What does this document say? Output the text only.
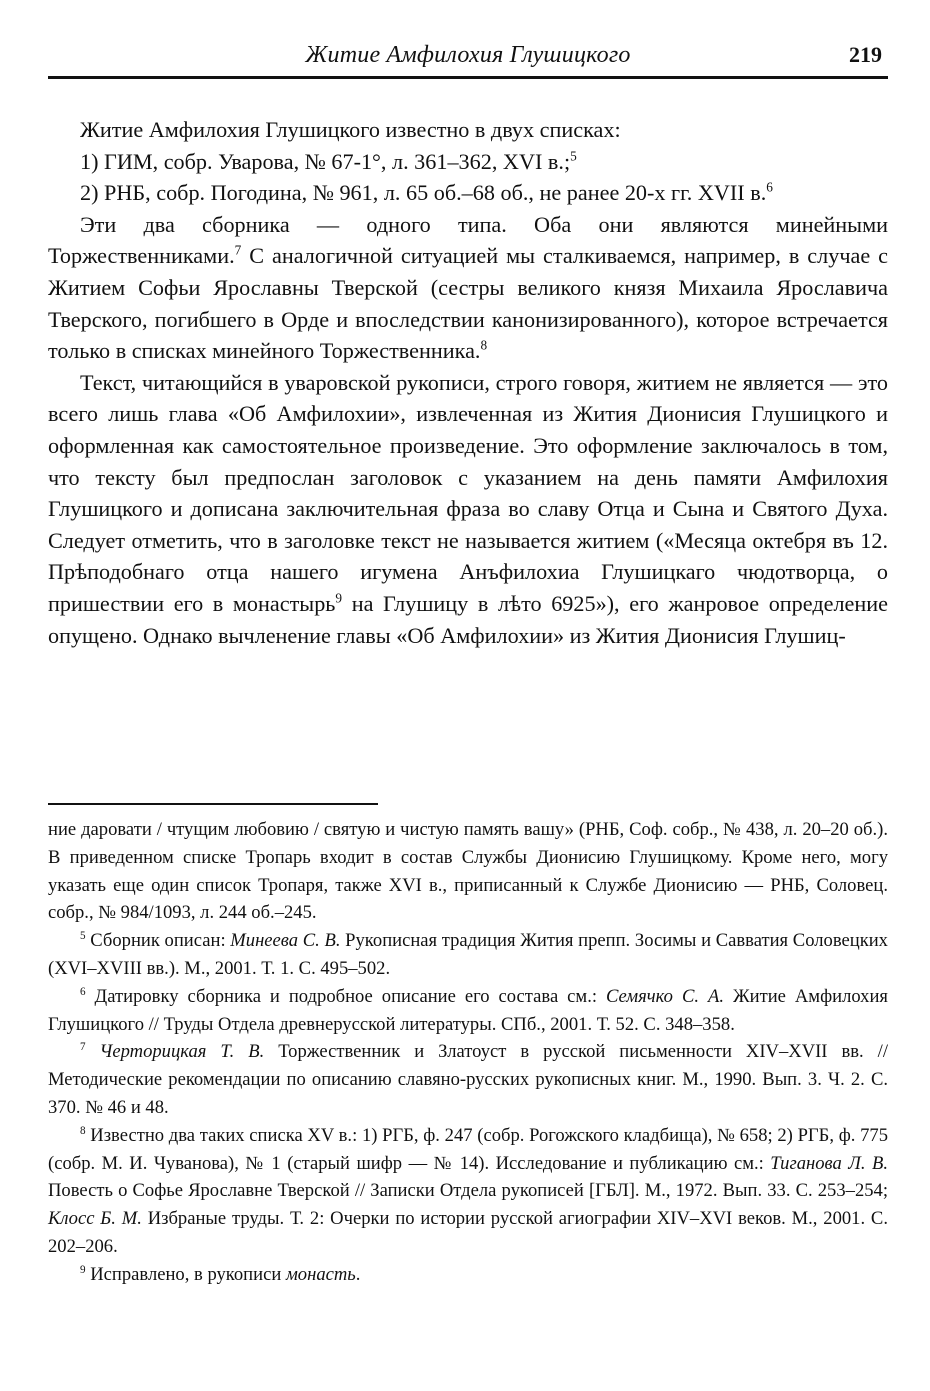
Житие Амфилохия Глушицкого	219

Житие Амфилохия Глушицкого известно в двух списках:

1) ГИМ, собр. Уварова, № 67-1°, л. 361–362, XVI в.;$^5$

2) РНБ, собр. Погодина, № 961, л. 65 об.–68 об., не ранее 20-х гг. XVII в.$^6$

Эти два сборника — одного типа. Оба они являются минейными Торжественниками.$^7$ С аналогичной ситуацией мы сталкиваемся, например, в случае с Житием Софьи Ярославны Тверской (сестры великого князя Михаила Ярославича Тверского, погибшего в Орде и впоследствии канонизированного), которое встречается только в списках минейного Торжественника.$^8$

Текст, читающийся в уваровской рукописи, строго говоря, житием не является — это всего лишь глава «Об Амфилохии», извлеченная из Жития Дионисия Глушицкого и оформленная как самостоятельное произведение. Это оформление заключалось в том, что тексту был предпослан заголовок с указанием на день памяти Амфилохия Глушицкого и дописана заключительная фраза во славу Отца и Сына и Святого Духа. Следует отметить, что в заголовке текст не называется житием («Месяца октебря въ 12. Прѣподобнаго отца нашего игумена Анъфилохиа Глушицкаго чюдотворца, о пришествии его в монастырь$^9$ на Глушицу в лѣто 6925»), его жанровое определение опущено. Однако вычленение главы «Об Амфилохии» из Жития Дионисия Глушиц-

ние даровати / чтущим любовию / святую и чистую память вашу» (РНБ, Соф. собр., № 438, л. 20–20 об.). В приведенном списке Тропарь входит в состав Службы Дионисию Глушицкому. Кроме него, могу указать еще один список Тропаря, также XVI в., приписанный к Службе Дионисию — РНБ, Соловец. собр., № 984/1093, л. 244 об.–245.

$^5$ Сборник описан: Минеева С. В. Рукописная традиция Жития препп. Зосимы и Савватия Соловецких (XVI–XVIII вв.). М., 2001. Т. 1. С. 495–502.

$^6$ Датировку сборника и подробное описание его состава см.: Семячко С. А. Житие Амфилохия Глушицкого // Труды Отдела древнерусской литературы. СПб., 2001. Т. 52. С. 348–358.

$^7$ Черторицкая Т. В. Торжественник и Златоуст в русской письменности XIV–XVII вв. // Методические рекомендации по описанию славяно-русских рукописных книг. М., 1990. Вып. 3. Ч. 2. С. 370. № 46 и 48.

$^8$ Известно два таких списка XV в.: 1) РГБ, ф. 247 (собр. Рогожского кладбища), № 658; 2) РГБ, ф. 775 (собр. М. И. Чуванова), № 1 (старый шифр — № 14). Исследование и публикацию см.: Тиганова Л. В. Повесть о Софье Ярославне Тверской // Записки Отдела рукописей [ГБЛ]. М., 1972. Вып. 33. С. 253–254; Клосс Б. М. Избраные труды. Т. 2: Очерки по истории русской агиографии XIV–XVI веков. М., 2001. С. 202–206.

$^9$ Исправлено, в рукописи монасть.
